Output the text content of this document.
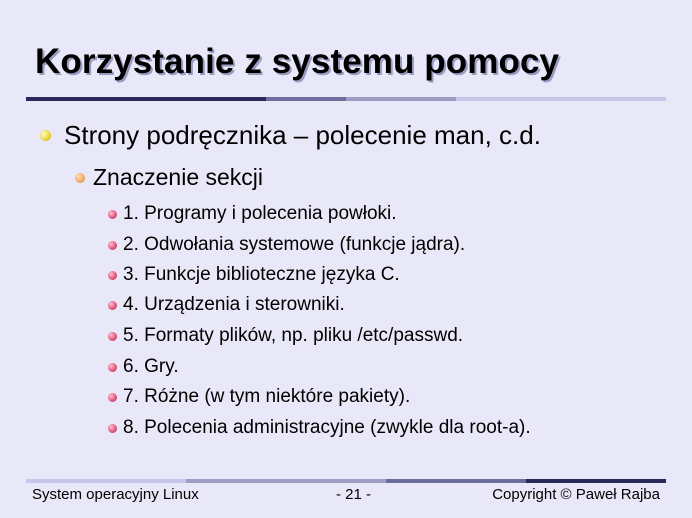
Korzystanie z systemu pomocy
Strony podręcznika – polecenie man, c.d.
Znaczenie sekcji
1. Programy i polecenia powłoki.
2. Odwołania systemowe (funkcje jądra).
3. Funkcje biblioteczne języka C.
4. Urządzenia i sterowniki.
5. Formaty plików, np. pliku /etc/passwd.
6. Gry.
7. Różne (w tym niektóre pakiety).
8. Polecenia administracyjne (zwykle dla root-a).
System operacyjny Linux	- 21 -	Copyright © Paweł Rajba
